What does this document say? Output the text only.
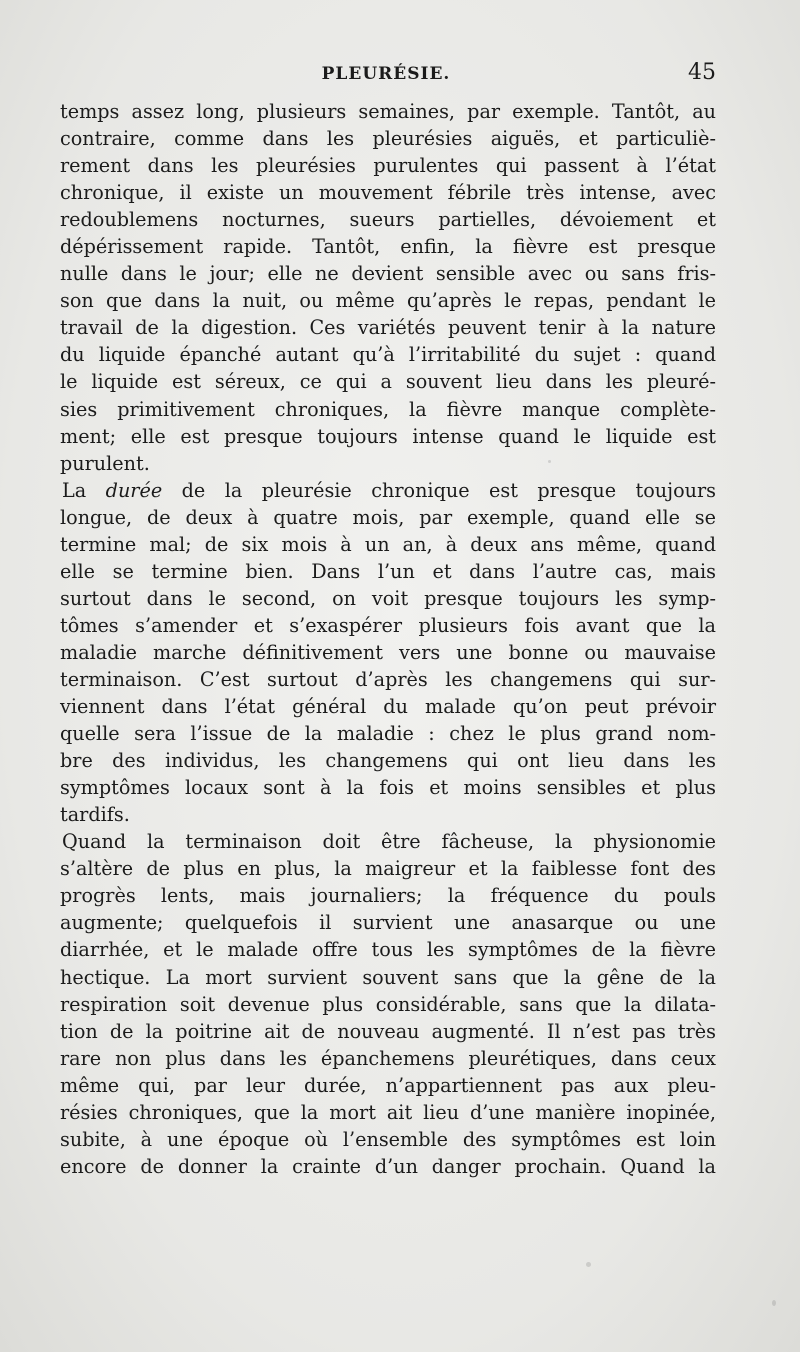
PLEURÉSIE.	45
temps assez long, plusieurs semaines, par exemple. Tantôt, au
contraire, comme dans les pleurésies aiguës, et particuliè-
rement dans les pleurésies purulentes qui passent à l’état
chronique, il existe un mouvement fébrile très intense, avec
redoublemens nocturnes, sueurs partielles, dévoiement et
dépérissement rapide. Tantôt, enfin, la fièvre est presque
nulle dans le jour; elle ne devient sensible avec ou sans fris-
son que dans la nuit, ou même qu’après le repas, pendant le
travail de la digestion. Ces variétés peuvent tenir à la nature
du liquide épanché autant qu’à l’irritabilité du sujet : quand
le liquide est séreux, ce qui a souvent lieu dans les pleuré-
sies primitivement chroniques, la fièvre manque complète-
ment; elle est presque toujours intense quand le liquide est
purulent.
La durée de la pleurésie chronique est presque toujours
longue, de deux à quatre mois, par exemple, quand elle se
termine mal; de six mois à un an, à deux ans même, quand
elle se termine bien. Dans l’un et dans l’autre cas, mais
surtout dans le second, on voit presque toujours les symp-
tômes s’amender et s’exaspérer plusieurs fois avant que la
maladie marche définitivement vers une bonne ou mauvaise
terminaison. C’est surtout d’après les changemens qui sur-
viennent dans l’état général du malade qu’on peut prévoir
quelle sera l’issue de la maladie : chez le plus grand nom-
bre des individus, les changemens qui ont lieu dans les
symptômes locaux sont à la fois et moins sensibles et plus
tardifs.
Quand la terminaison doit être fâcheuse, la physionomie
s’altère de plus en plus, la maigreur et la faiblesse font des
progrès lents, mais journaliers; la fréquence du pouls
augmente; quelquefois il survient une anasarque ou une
diarrhée, et le malade offre tous les symptômes de la fièvre
hectique. La mort survient souvent sans que la gêne de la
respiration soit devenue plus considérable, sans que la dilata-
tion de la poitrine ait de nouveau augmenté. Il n’est pas très
rare non plus dans les épanchemens pleurétiques, dans ceux
même qui, par leur durée, n’appartiennent pas aux pleu-
résies chroniques, que la mort ait lieu d’une manière inopinée,
subite, à une époque où l’ensemble des symptômes est loin
encore de donner la crainte d’un danger prochain. Quand la
